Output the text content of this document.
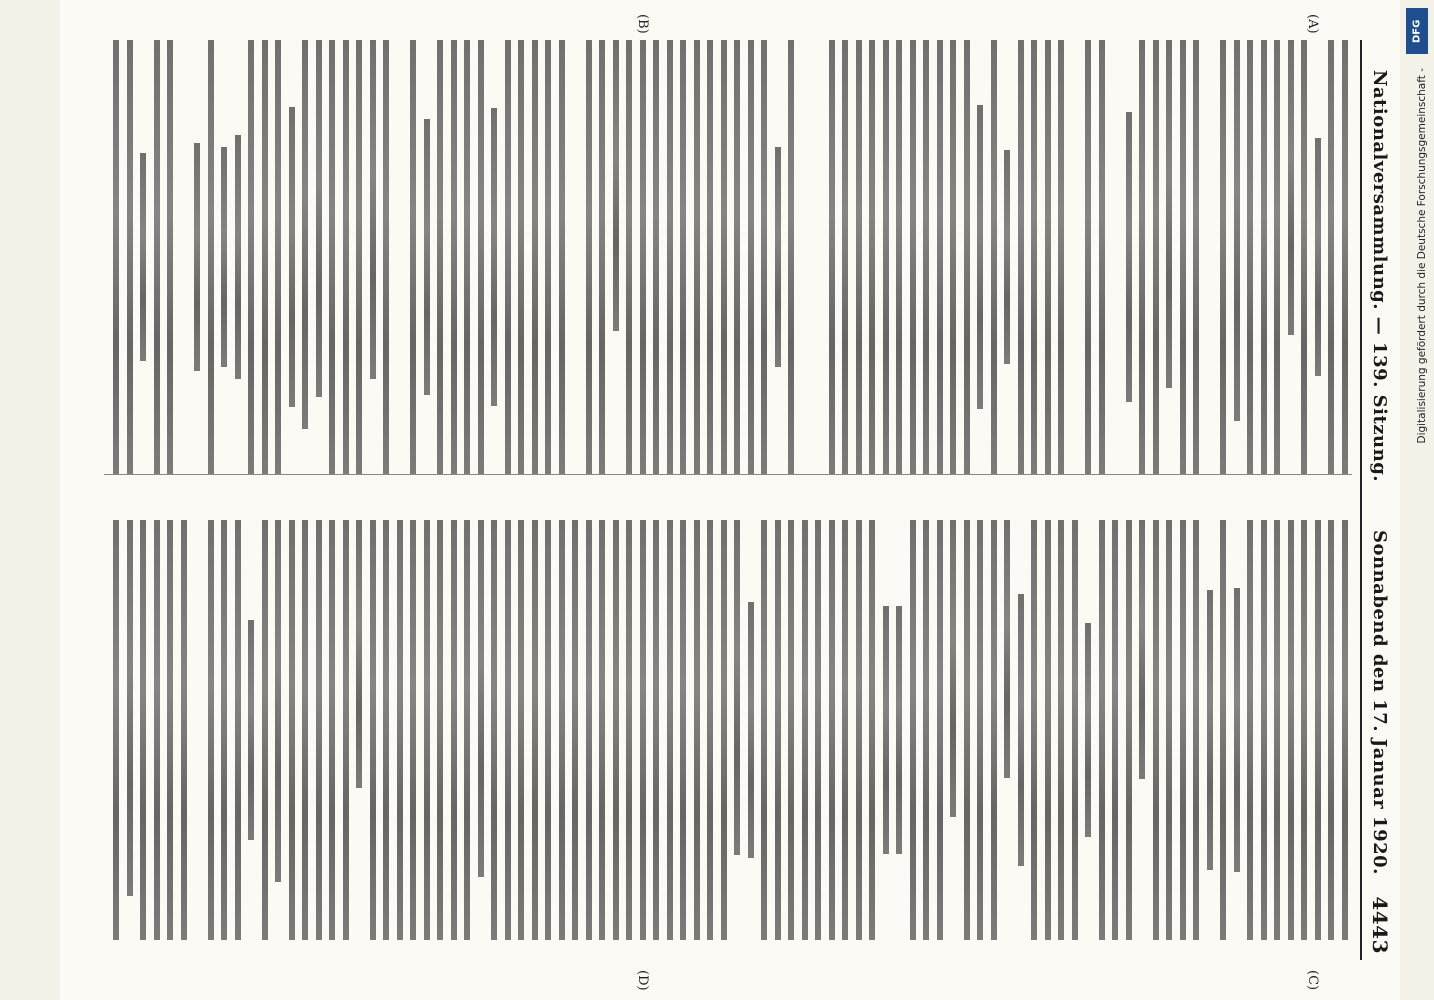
Nationalversammlung. — 139. Sitzung.
Sonnabend den 17. Januar 1920.
4443
(A)
(B)
(C)
(D)
DFG
Digitalisierung gefördert durch die Deutsche Forschungsgemeinschaft -
